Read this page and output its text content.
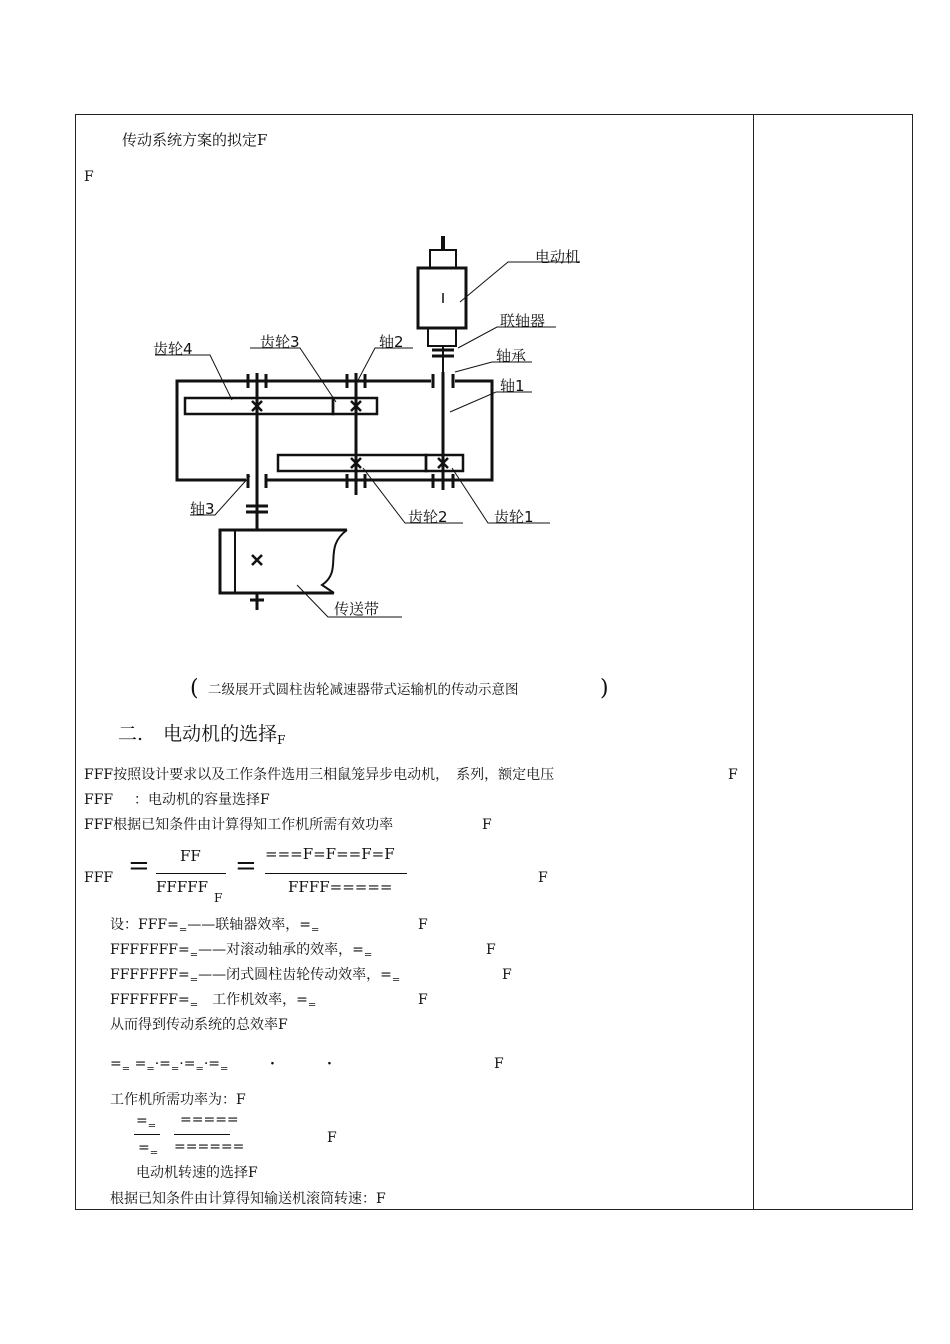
传动系统方案的拟定F
F
电动机
联轴器
轴承
轴1
轴2
齿轮3
齿轮4
轴3	齿轮2	齿轮1
传送带
( 二级展开式圆柱齿轮减速器带式运输机的传动示意图	)
二. 电动机的选择$_F$
FFF按照设计要求以及工作条件选用三相鼠笼异步电动机，　系列，额定电压	F
FFF ：电动机的容量选择F
FFF根据已知条件由计算得知工作机所需有效功率	F
FFF = FF
$FFFFF_F$
= ===F=F==F=F
FFFF=====	F
设：$FFF=_=——$联轴器效率，$=_=$	F
$FFFFFFF=_=——$对滚动轴承的效率，$=_=$	F
$FFFFFFF=_=——$闭式圆柱齿轮传动效率，$=_=$	F
$FFFFFFF=_=$　工作机效率，$=_=$	F
从而得到传动系统的总效率F
$=_= =_=\cdot=_=\cdot=_=\cdot=_=$	·	·	F
工作机所需功率为：F
$=_=$
$=_=$
=====
======
F
电动机转速的选择F
根据已知条件由计算得知输送机滚筒转速：F
